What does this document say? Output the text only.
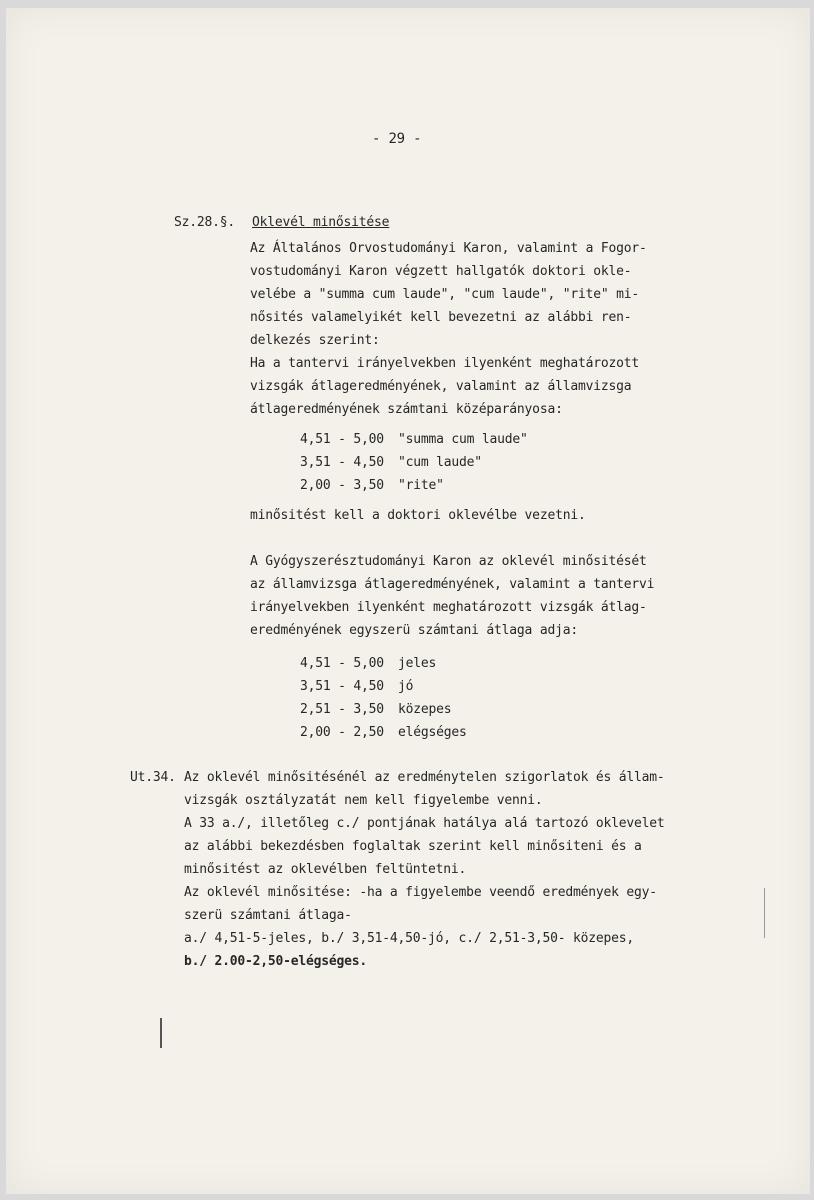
- 29 -
Sz.28.§. Oklevél minősitése
Az Általános Orvostudományi Karon, valamint a Fogor-
vostudományi Karon végzett hallgatók doktori okle-
velébe a "summa cum laude", "cum laude", "rite" mi-
nősités valamelyikét kell bevezetni az alábbi ren-
delkezés szerint:
Ha a tantervi irányelvekben ilyenként meghatározott
vizsgák átlageredményének, valamint az államvizsga
átlageredményének számtani középarányosa:
4,51 - 5,00 "summa cum laude"
3,51 - 4,50 "cum laude"
2,00 - 3,50 "rite"
minősitést kell a doktori oklevélbe vezetni.
A Gyógyszerésztudományi Karon az oklevél minősitését
az államvizsga átlageredményének, valamint a tantervi
irányelvekben ilyenként meghatározott vizsgák átlag-
eredményének egyszerü számtani átlaga adja:
4,51 - 5,00 jeles
3,51 - 4,50 jó
2,51 - 3,50 közepes
2,00 - 2,50 elégséges
Ut.34. Az oklevél minősitésénél az eredménytelen szigorlatok és állam-
vizsgák osztályzatát nem kell figyelembe venni.
A 33 a./, illetőleg c./ pontjának hatálya alá tartozó oklevelet
az alábbi bekezdésben foglaltak szerint kell minősiteni és a
minősitést az oklevélben feltüntetni.
Az oklevél minősitése: -ha a figyelembe veendő eredmények egy-
szerü számtani átlaga-
a./ 4,51-5-jeles, b./ 3,51-4,50-jó, c./ 2,51-3,50- közepes,
b./ 2.00-2,50-elégséges.
